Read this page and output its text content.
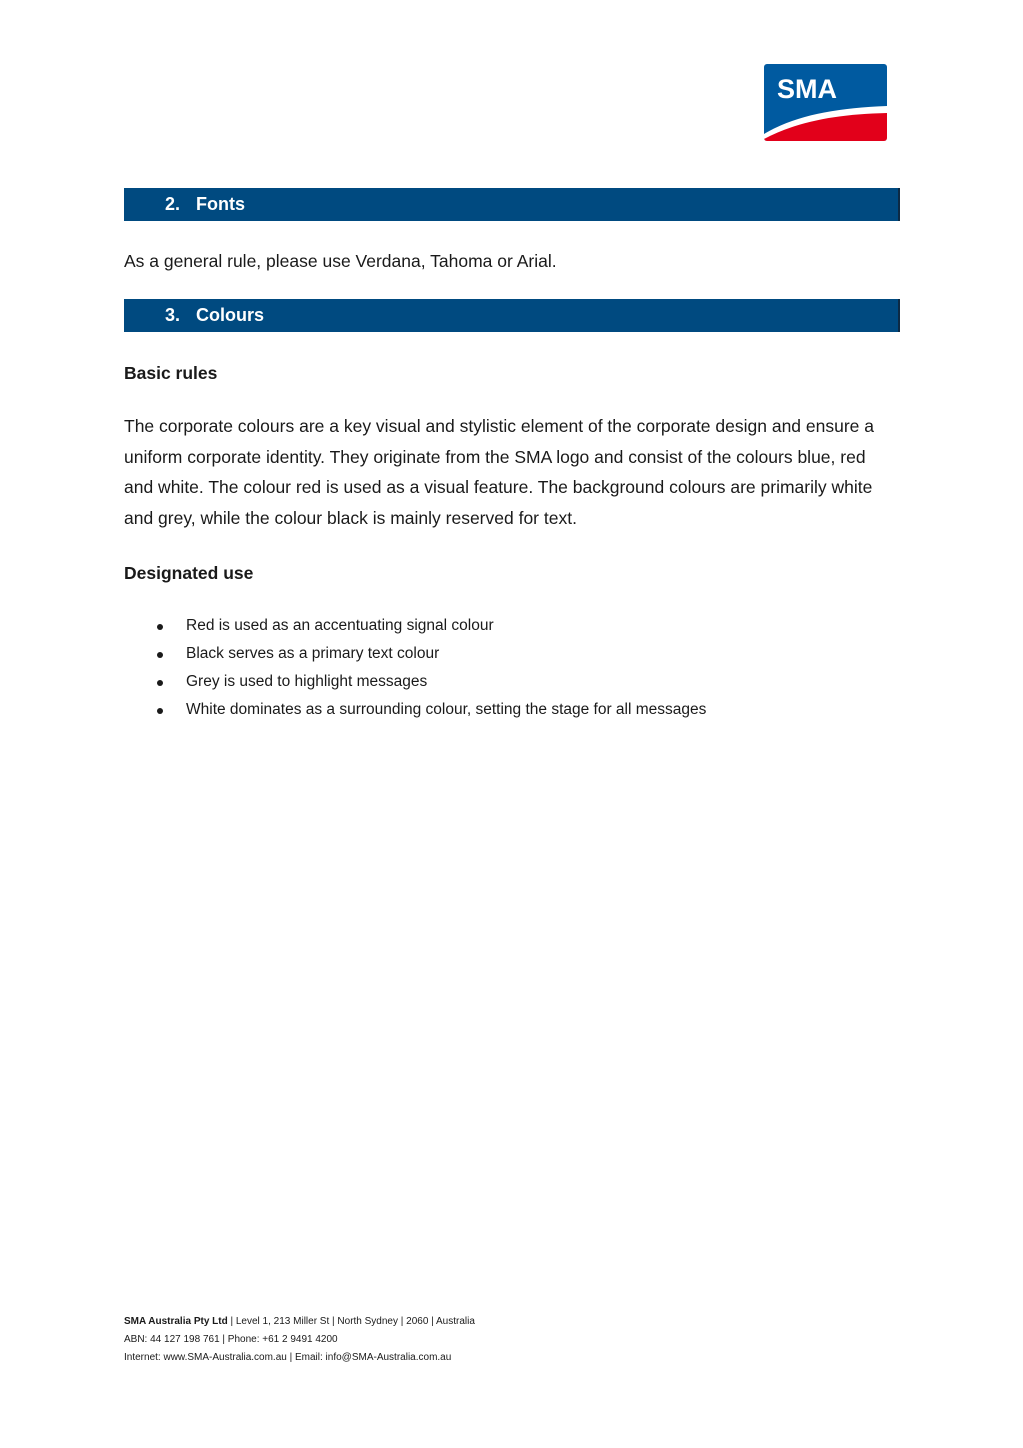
SMA
2. Fonts
As a general rule, please use Verdana, Tahoma or Arial.
3. Colours
Basic rules
The corporate colours are a key visual and stylistic element of the corporate design and ensure a uniform corporate identity. They originate from the SMA logo and consist of the colours blue, red and white. The colour red is used as a visual feature. The background colours are primarily white and grey, while the colour black is mainly reserved for text.
Designated use
Red is used as an accentuating signal colour
Black serves as a primary text colour
Grey is used to highlight messages
White dominates as a surrounding colour, setting the stage for all messages
SMA Australia Pty Ltd | Level 1, 213 Miller St | North Sydney | 2060 | Australia
ABN: 44 127 198 761 | Phone: +61 2 9491 4200
Internet: www.SMA-Australia.com.au | Email: info@SMA-Australia.com.au
